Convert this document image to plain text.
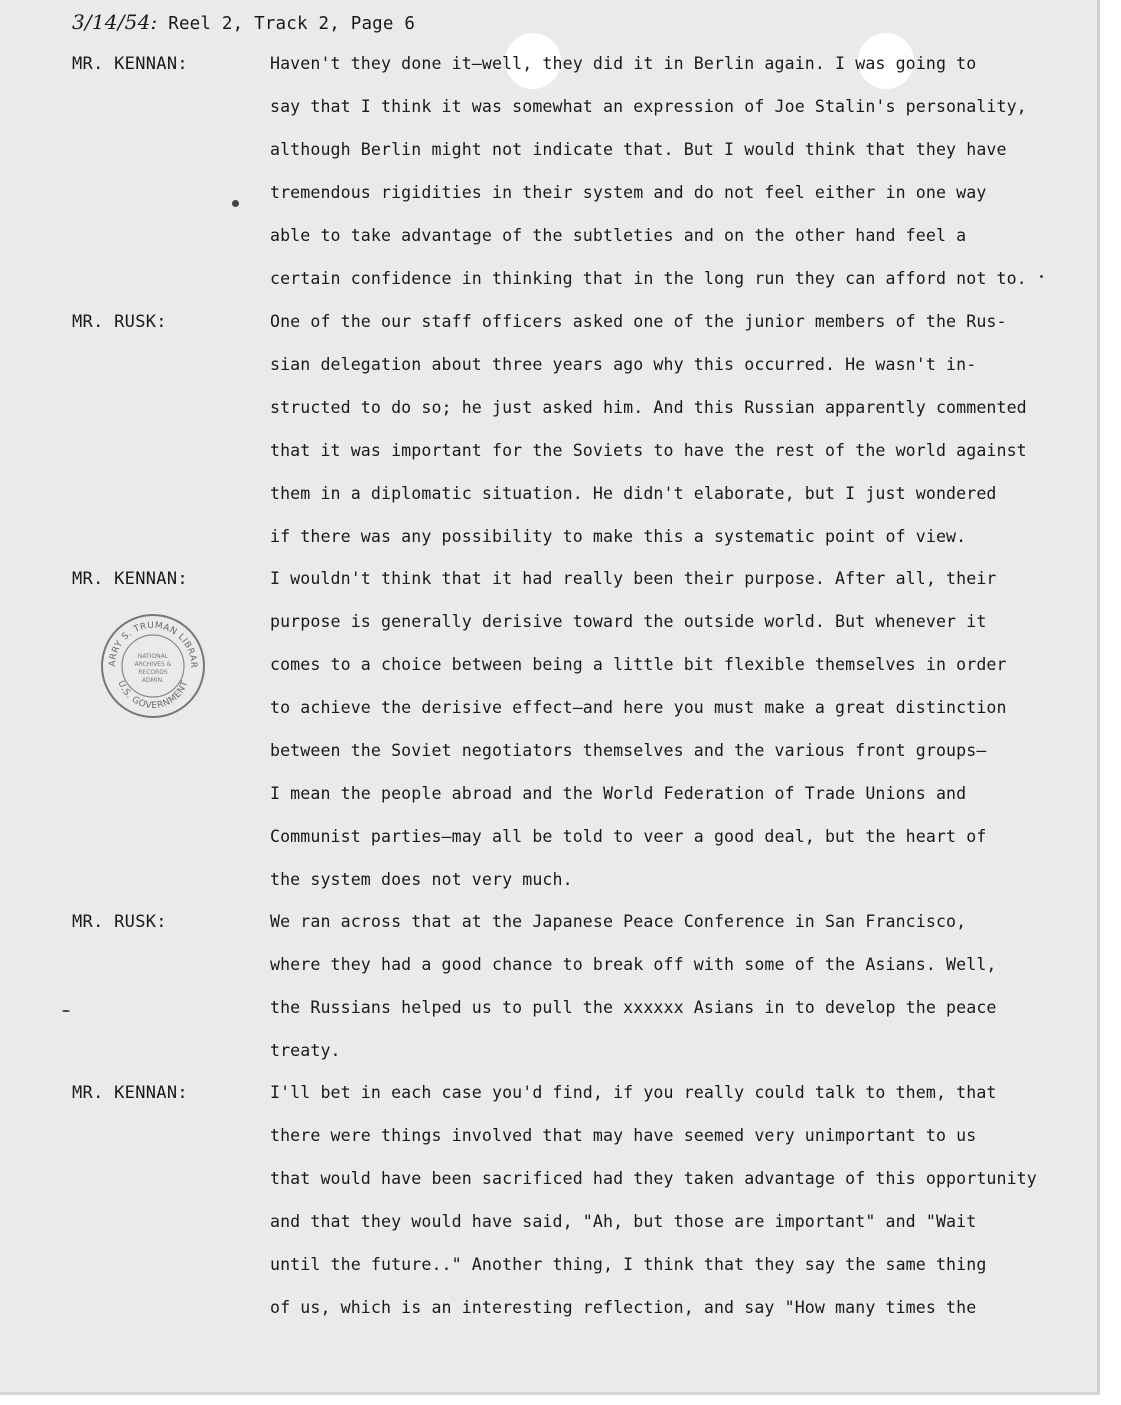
3/14/54: Reel 2, Track 2, Page 6
ARRY S. TRUMAN LIBRAR
U.S. GOVERNMENT
NATIONAL
ARCHIVES &
RECORDS
ADMIN.
MR. KENNAN:	Haven't they done it—well, they did it in Berlin again. I was going to
say that I think it was somewhat an expression of Joe Stalin's personality,
although Berlin might not indicate that. But I would think that they have
tremendous rigidities in their system and do not feel either in one way
able to take advantage of the subtleties and on the other hand feel a
certain confidence in thinking that in the long run they can afford not to.
MR. RUSK:	One of the our staff officers asked one of the junior members of the Rus-
sian delegation about three years ago why this occurred. He wasn't in-
structed to do so; he just asked him. And this Russian apparently commented
that it was important for the Soviets to have the rest of the world against
them in a diplomatic situation. He didn't elaborate, but I just wondered
if there was any possibility to make this a systematic point of view.
MR. KENNAN:	I wouldn't think that it had really been their purpose. After all, their
purpose is generally derisive toward the outside world. But whenever it
comes to a choice between being a little bit flexible themselves in order
to achieve the derisive effect—and here you must make a great distinction
between the Soviet negotiators themselves and the various front groups—
I mean the people abroad and the World Federation of Trade Unions and
Communist parties—may all be told to veer a good deal, but the heart of
the system does not very much.
MR. RUSK:	We ran across that at the Japanese Peace Conference in San Francisco,
where they had a good chance to break off with some of the Asians. Well,
the Russians helped us to pull the xxxxxx Asians in to develop the peace
treaty.
MR. KENNAN:	I'll bet in each case you'd find, if you really could talk to them, that
there were things involved that may have seemed very unimportant to us
that would have been sacrificed had they taken advantage of this opportunity
and that they would have said, "Ah, but those are important" and "Wait
until the future.." Another thing, I think that they say the same thing
of us, which is an interesting reflection, and say "How many times the
